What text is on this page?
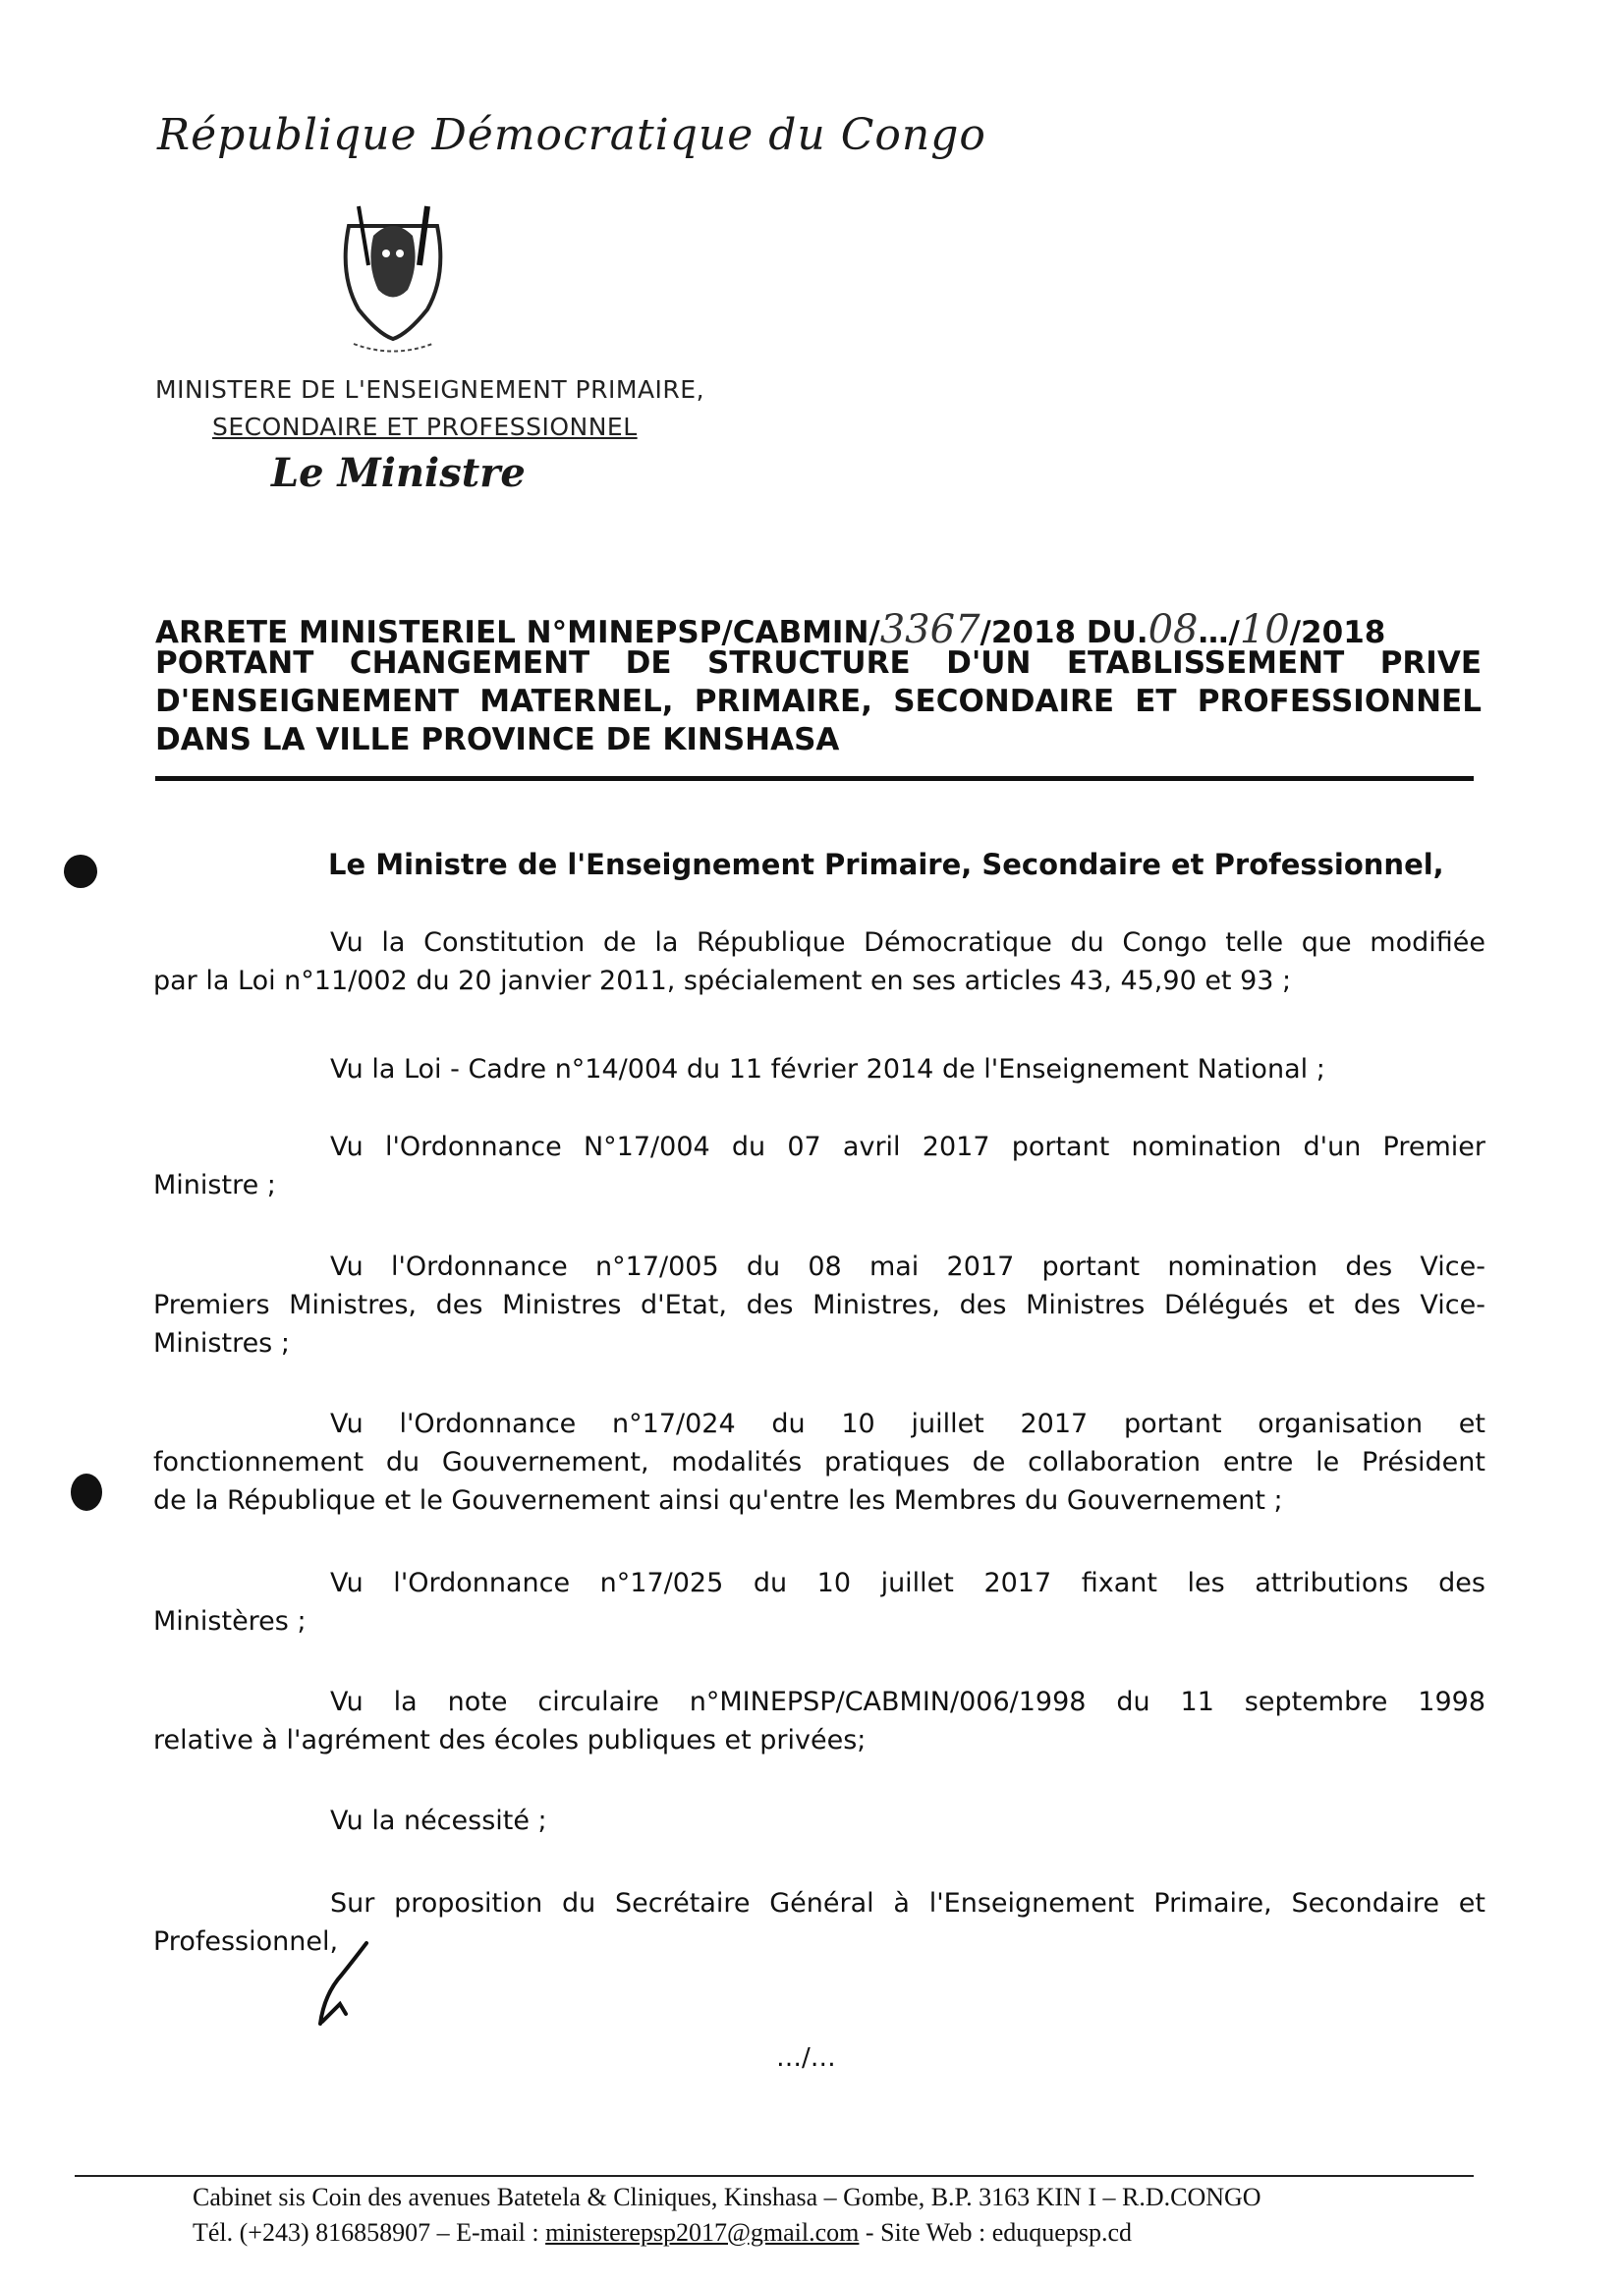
République Démocratique du Congo
MINISTERE DE L'ENSEIGNEMENT PRIMAIRE,
SECONDAIRE ET PROFESSIONNEL
Le Ministre
ARRETE MINISTERIEL N°MINEPSP/CABMIN/ 3367 /2018 DU. 08 …/ 10 /2018
PORTANT CHANGEMENT DE STRUCTURE D'UN ETABLISSEMENT PRIVE
D'ENSEIGNEMENT MATERNEL, PRIMAIRE, SECONDAIRE ET PROFESSIONNEL
DANS LA VILLE PROVINCE DE KINSHASA
Le Ministre de l'Enseignement Primaire, Secondaire et Professionnel,
Vu la Constitution de la République Démocratique du Congo telle que modifiée
par la Loi n°11/002 du 20 janvier 2011, spécialement en ses articles 43, 45,90 et 93 ;
Vu la Loi - Cadre n°14/004 du 11 février 2014 de l'Enseignement National ;
Vu l'Ordonnance N°17/004 du 07 avril 2017 portant nomination d'un Premier
Ministre ;
Vu l'Ordonnance n°17/005 du 08 mai 2017 portant nomination des Vice-
Premiers Ministres, des Ministres d'Etat, des Ministres, des Ministres Délégués et des Vice-
Ministres ;
Vu l'Ordonnance n°17/024 du 10 juillet 2017 portant organisation et
fonctionnement du Gouvernement, modalités pratiques de collaboration entre le Président
de la République et le Gouvernement ainsi qu'entre les Membres du Gouvernement ;
Vu l'Ordonnance n°17/025 du 10 juillet 2017 fixant les attributions des
Ministères ;
Vu la note circulaire n°MINEPSP/CABMIN/006/1998 du 11 septembre 1998
relative à l'agrément des écoles publiques et privées;
Vu la nécessité ;
Sur proposition du Secrétaire Général à l'Enseignement Primaire, Secondaire et
Professionnel,
…/…
Cabinet sis Coin des avenues Batetela & Cliniques, Kinshasa – Gombe, B.P. 3163 KIN I – R.D.CONGO
Tél. (+243) 816858907 – E-mail : ministerepsp2017@gmail.com - Site Web : eduquepsp.cd
